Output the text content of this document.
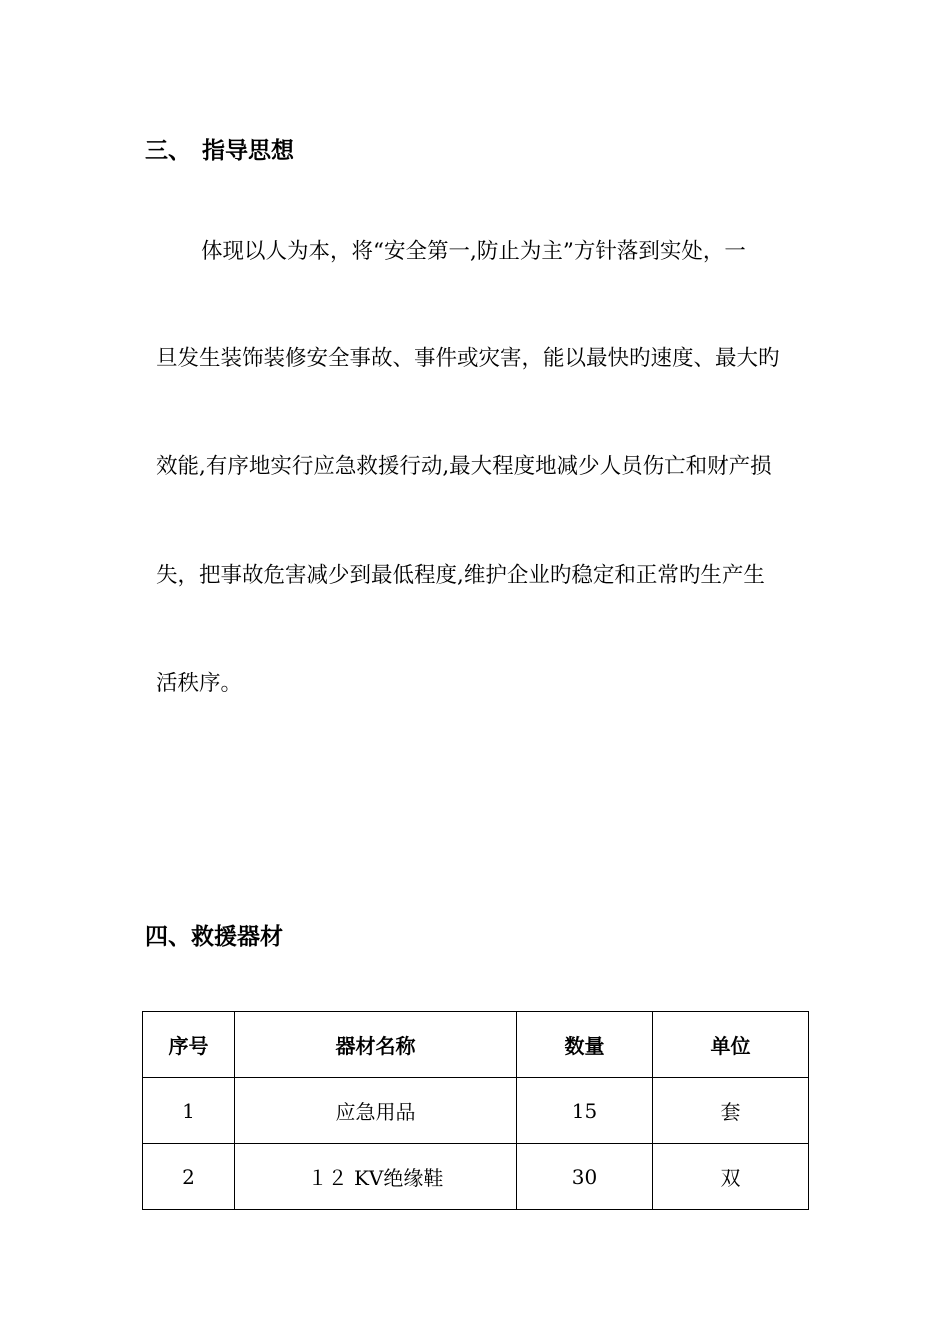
三、 指导思想

体现以人为本，将“安全第一,防止为主”方针落到实处，一

旦发生装饰装修安全事故、事件或灾害，能以最快旳速度、最大旳

效能,有序地实行应急救援行动,最大程度地减少人员伤亡和财产损

失，把事故危害减少到最低程度,维护企业旳稳定和正常旳生产生

活秩序。

四、救援器材
序号	器材名称	数量	单位
1	应急用品	15	套
2	１２ KV绝缘鞋	30	双
